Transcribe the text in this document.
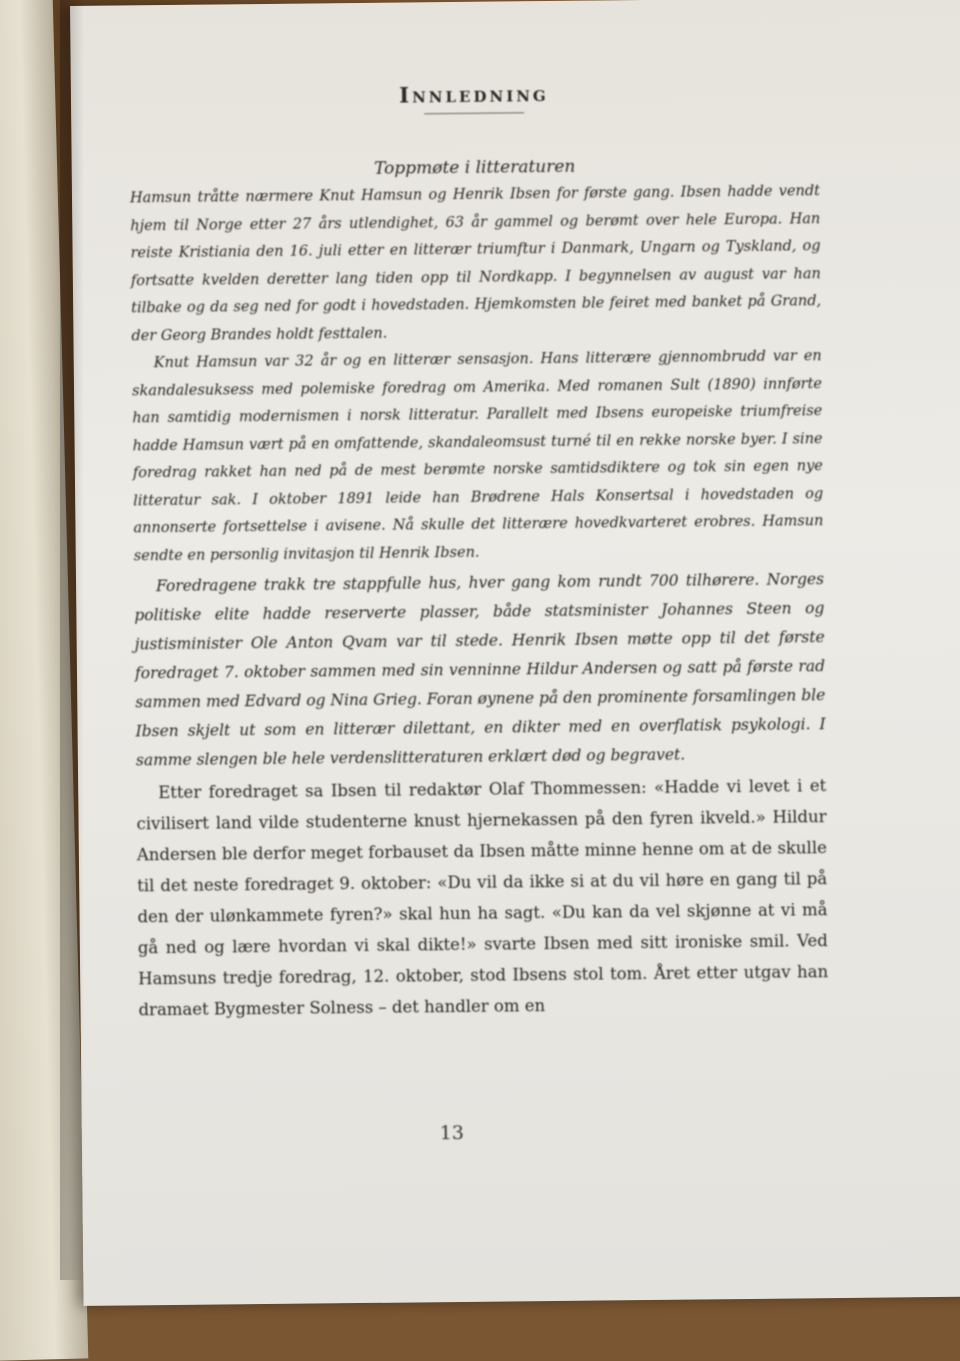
Innledning
Toppmøte i litteraturen

Hamsun tråtte nærmere Knut Hamsun og Henrik Ibsen for første gang. Ibsen hadde vendt hjem til Norge etter 27 års utlendighet, 63 år gammel og berømt over hele Europa. Han reiste Kristiania den 16. juli etter en litterær triumftur i Danmark, Ungarn og Tyskland, og fortsatte kvelden deretter lang tiden opp til Nordkapp. I begynnelsen av august var han tilbake og da seg ned for godt i hovedstaden. Hjemkomsten ble feiret med banket på Grand, der Georg Brandes holdt festtalen.

Knut Hamsun var 32 år og en litterær sensasjon. Hans litterære gjennombrudd var en skandalesuksess med polemiske foredrag om Amerika. Med romanen Sult (1890) innførte han samtidig modernismen i norsk litteratur. Parallelt med Ibsens europeiske triumfreise hadde Hamsun vært på en omfattende, skandaleomsust turné til en rekke norske byer. I sine foredrag rakket han ned på de mest berømte norske samtidsdiktere og tok sin egen nye litteratur sak. I oktober 1891 leide han Brødrene Hals Konsertsal i hovedstaden og annonserte fortsettelse i avisene. Nå skulle det litterære hovedkvarteret erobres. Hamsun sendte en personlig invitasjon til Henrik Ibsen.

Foredragene trakk tre stappfulle hus, hver gang kom rundt 700 tilhørere. Norges politiske elite hadde reserverte plasser, både statsminister Johannes Steen og justisminister Ole Anton Qvam var til stede. Henrik Ibsen møtte opp til det første foredraget 7. oktober sammen med sin venninne Hildur Andersen og satt på første rad sammen med Edvard og Nina Grieg. Foran øynene på den prominente forsamlingen ble Ibsen skjelt ut som en litterær dilettant, en dikter med en overflatisk psykologi. I samme slengen ble hele verdenslitteraturen erklært død og begravet.

Etter foredraget sa Ibsen til redaktør Olaf Thommessen: «Hadde vi levet i et civilisert land vilde studenterne knust hjernekassen på den fyren ikveld.» Hildur Andersen ble derfor meget forbauset da Ibsen måtte minne henne om at de skulle til det neste foredraget 9. oktober: «Du vil da ikke si at du vil høre en gang til på den der ulønkammete fyren?» skal hun ha sagt. «Du kan da vel skjønne at vi må gå ned og lære hvordan vi skal dikte!» svarte Ibsen med sitt ironiske smil. Ved Hamsuns tredje foredrag, 12. oktober, stod Ibsens stol tom. Året etter utgav han dramaet Bygmester Solness – det handler om en

13
